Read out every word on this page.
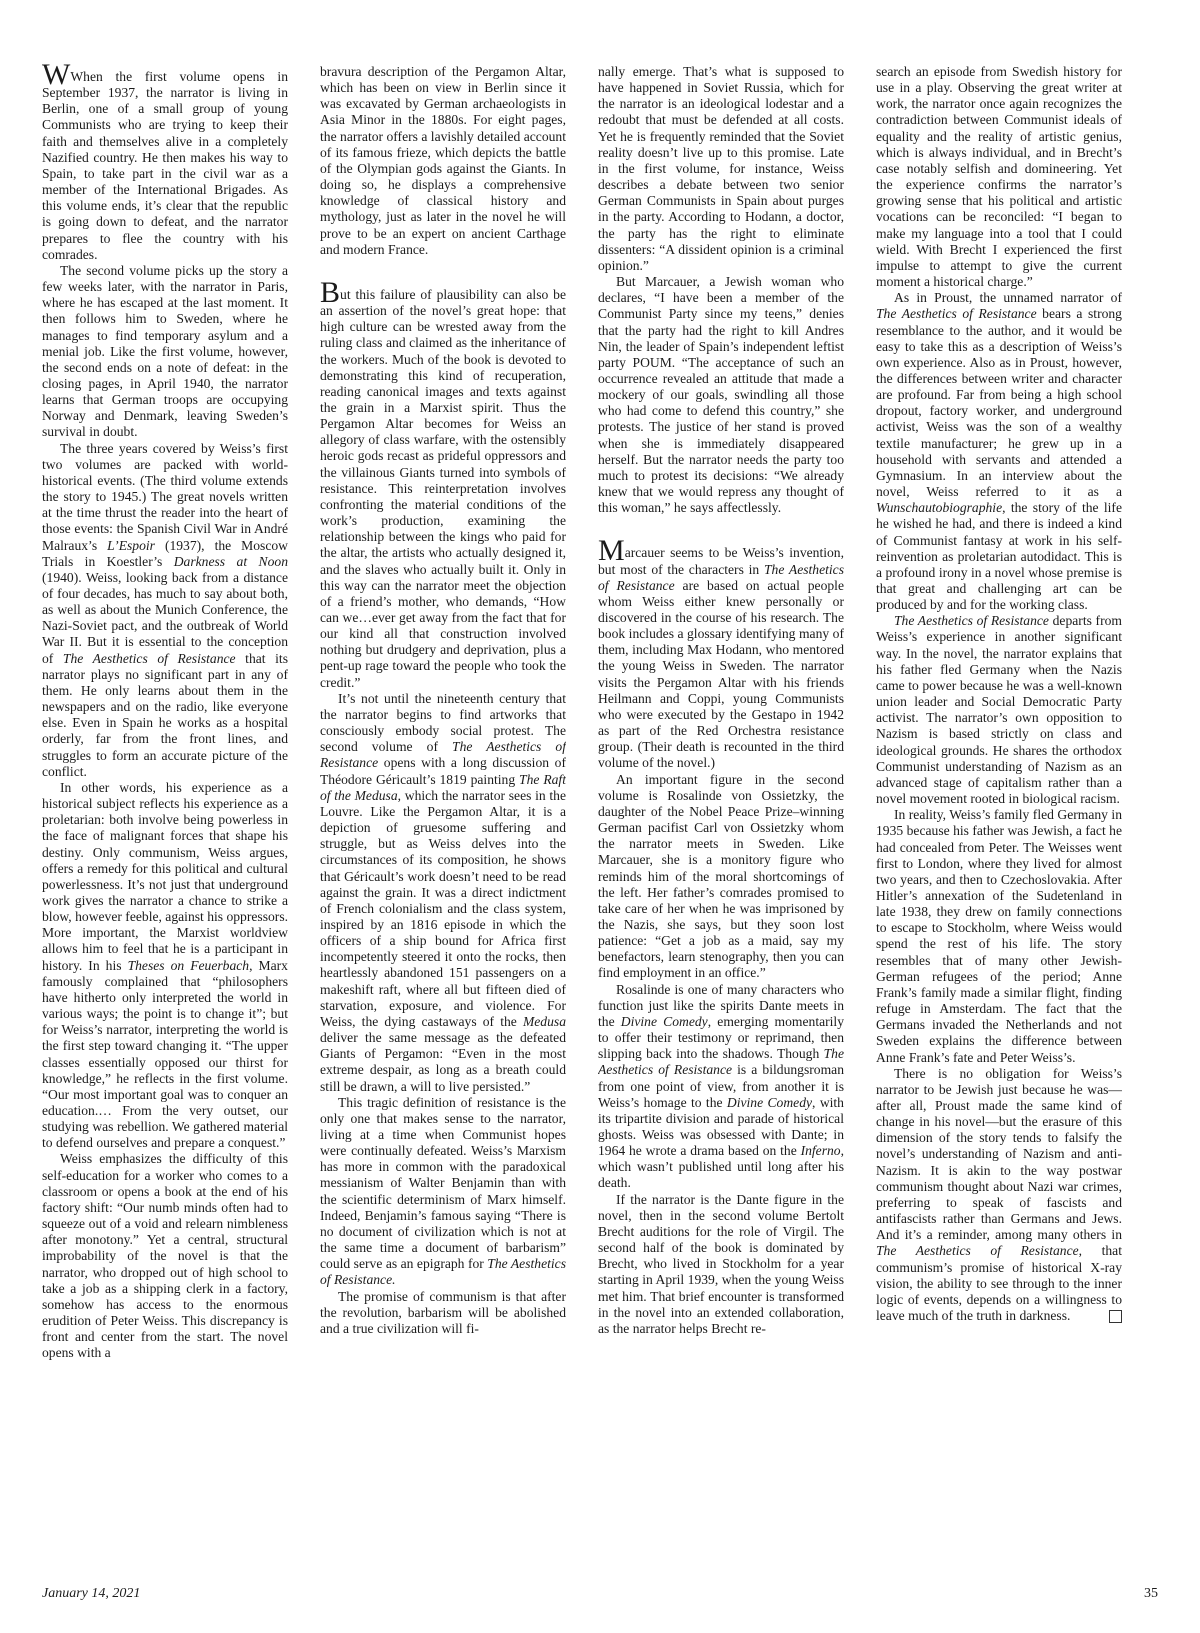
WWhen the first volume opens in September 1937, the narrator is living in Berlin, one of a small group of young Communists who are trying to keep their faith and themselves alive in a completely Nazified country. He then makes his way to Spain, to take part in the civil war as a member of the International Brigades. As this volume ends, it’s clear that the republic is going down to defeat, and the narrator prepares to flee the country with his comrades.

The second volume picks up the story a few weeks later, with the narrator in Paris, where he has escaped at the last moment. It then follows him to Sweden, where he manages to find temporary asylum and a menial job. Like the first volume, however, the second ends on a note of defeat: in the closing pages, in April 1940, the narrator learns that German troops are occupying Norway and Denmark, leaving Sweden’s survival in doubt.

The three years covered by Weiss’s first two volumes are packed with world-historical events. (The third volume extends the story to 1945.) The great novels written at the time thrust the reader into the heart of those events: the Spanish Civil War in André Malraux’s L’Espoir (1937), the Moscow Trials in Koestler’s Darkness at Noon (1940). Weiss, looking back from a distance of four decades, has much to say about both, as well as about the Munich Conference, the Nazi-Soviet pact, and the outbreak of World War II. But it is essential to the conception of The Aesthetics of Resistance that its narrator plays no significant part in any of them. He only learns about them in the newspapers and on the radio, like everyone else. Even in Spain he works as a hospital orderly, far from the front lines, and struggles to form an accurate picture of the conflict.

In other words, his experience as a historical subject reflects his experience as a proletarian: both involve being powerless in the face of malignant forces that shape his destiny. Only communism, Weiss argues, offers a remedy for this political and cultural powerlessness. It’s not just that underground work gives the narrator a chance to strike a blow, however feeble, against his oppressors. More important, the Marxist worldview allows him to feel that he is a participant in history. In his Theses on Feuerbach, Marx famously complained that “philosophers have hitherto only interpreted the world in various ways; the point is to change it”; but for Weiss’s narrator, interpreting the world is the first step toward changing it. “The upper classes essentially opposed our thirst for knowledge,” he reflects in the first volume. “Our most important goal was to conquer an education.… From the very outset, our studying was rebellion. We gathered material to defend ourselves and prepare a conquest.”

Weiss emphasizes the difficulty of this self-education for a worker who comes to a classroom or opens a book at the end of his factory shift: “Our numb minds often had to squeeze out of a void and relearn nimbleness after monotony.” Yet a central, structural improbability of the novel is that the narrator, who dropped out of high school to take a job as a shipping clerk in a factory, somehow has access to the enormous erudition of Peter Weiss. This discrepancy is front and center from the start. The novel opens with a

bravura description of the Pergamon Altar, which has been on view in Berlin since it was excavated by German archaeologists in Asia Minor in the 1880s. For eight pages, the narrator offers a lavishly detailed account of its famous frieze, which depicts the battle of the Olympian gods against the Giants. In doing so, he displays a comprehensive knowledge of classical history and mythology, just as later in the novel he will prove to be an expert on ancient Carthage and modern France.

But this failure of plausibility can also be an assertion of the novel’s great hope: that high culture can be wrested away from the ruling class and claimed as the inheritance of the workers. Much of the book is devoted to demonstrating this kind of recuperation, reading canonical images and texts against the grain in a Marxist spirit. Thus the Pergamon Altar becomes for Weiss an allegory of class warfare, with the ostensibly heroic gods recast as prideful oppressors and the villainous Giants turned into symbols of resistance. This reinterpretation involves confronting the material conditions of the work’s production, examining the relationship between the kings who paid for the altar, the artists who actually designed it, and the slaves who actually built it. Only in this way can the narrator meet the objection of a friend’s mother, who demands, “How can we…ever get away from the fact that for our kind all that construction involved nothing but drudgery and deprivation, plus a pent-up rage toward the people who took the credit.”

It’s not until the nineteenth century that the narrator begins to find artworks that consciously embody social protest. The second volume of The Aesthetics of Resistance opens with a long discussion of Théodore Géricault’s 1819 painting The Raft of the Medusa, which the narrator sees in the Louvre. Like the Pergamon Altar, it is a depiction of gruesome suffering and struggle, but as Weiss delves into the circumstances of its composition, he shows that Géricault’s work doesn’t need to be read against the grain. It was a direct indictment of French colonialism and the class system, inspired by an 1816 episode in which the officers of a ship bound for Africa first incompetently steered it onto the rocks, then heartlessly abandoned 151 passengers on a makeshift raft, where all but fifteen died of starvation, exposure, and violence. For Weiss, the dying castaways of the Medusa deliver the same message as the defeated Giants of Pergamon: “Even in the most extreme despair, as long as a breath could still be drawn, a will to live persisted.”

This tragic definition of resistance is the only one that makes sense to the narrator, living at a time when Communist hopes were continually defeated. Weiss’s Marxism has more in common with the paradoxical messianism of Walter Benjamin than with the scientific determinism of Marx himself. Indeed, Benjamin’s famous saying “There is no document of civilization which is not at the same time a document of barbarism” could serve as an epigraph for The Aesthetics of Resistance.

The promise of communism is that after the revolution, barbarism will be abolished and a true civilization will fi-

nally emerge. That’s what is supposed to have happened in Soviet Russia, which for the narrator is an ideological lodestar and a redoubt that must be defended at all costs. Yet he is frequently reminded that the Soviet reality doesn’t live up to this promise. Late in the first volume, for instance, Weiss describes a debate between two senior German Communists in Spain about purges in the party. According to Hodann, a doctor, the party has the right to eliminate dissenters: “A dissident opinion is a criminal opinion.”

But Marcauer, a Jewish woman who declares, “I have been a member of the Communist Party since my teens,” denies that the party had the right to kill Andres Nin, the leader of Spain’s independent leftist party POUM. “The acceptance of such an occurrence revealed an attitude that made a mockery of our goals, swindling all those who had come to defend this country,” she protests. The justice of her stand is proved when she is immediately disappeared herself. But the narrator needs the party too much to protest its decisions: “We already knew that we would repress any thought of this woman,” he says affectlessly.

Marcauer seems to be Weiss’s invention, but most of the characters in The Aesthetics of Resistance are based on actual people whom Weiss either knew personally or discovered in the course of his research. The book includes a glossary identifying many of them, including Max Hodann, who mentored the young Weiss in Sweden. The narrator visits the Pergamon Altar with his friends Heilmann and Coppi, young Communists who were executed by the Gestapo in 1942 as part of the Red Orchestra resistance group. (Their death is recounted in the third volume of the novel.)

An important figure in the second volume is Rosalinde von Ossietzky, the daughter of the Nobel Peace Prize–winning German pacifist Carl von Ossietzky whom the narrator meets in Sweden. Like Marcauer, she is a monitory figure who reminds him of the moral shortcomings of the left. Her father’s comrades promised to take care of her when he was imprisoned by the Nazis, she says, but they soon lost patience: “Get a job as a maid, say my benefactors, learn stenography, then you can find employment in an office.”

Rosalinde is one of many characters who function just like the spirits Dante meets in the Divine Comedy, emerging momentarily to offer their testimony or reprimand, then slipping back into the shadows. Though The Aesthetics of Resistance is a bildungsroman from one point of view, from another it is Weiss’s homage to the Divine Comedy, with its tripartite division and parade of historical ghosts. Weiss was obsessed with Dante; in 1964 he wrote a drama based on the Inferno, which wasn’t published until long after his death.

If the narrator is the Dante figure in the novel, then in the second volume Bertolt Brecht auditions for the role of Virgil. The second half of the book is dominated by Brecht, who lived in Stockholm for a year starting in April 1939, when the young Weiss met him. That brief encounter is transformed in the novel into an extended collaboration, as the narrator helps Brecht re-

search an episode from Swedish history for use in a play. Observing the great writer at work, the narrator once again recognizes the contradiction between Communist ideals of equality and the reality of artistic genius, which is always individual, and in Brecht’s case notably selfish and domineering. Yet the experience confirms the narrator’s growing sense that his political and artistic vocations can be reconciled: “I began to make my language into a tool that I could wield. With Brecht I experienced the first impulse to attempt to give the current moment a historical charge.”

As in Proust, the unnamed narrator of The Aesthetics of Resistance bears a strong resemblance to the author, and it would be easy to take this as a description of Weiss’s own experience. Also as in Proust, however, the differences between writer and character are profound. Far from being a high school dropout, factory worker, and underground activist, Weiss was the son of a wealthy textile manufacturer; he grew up in a household with servants and attended a Gymnasium. In an interview about the novel, Weiss referred to it as a Wunschautobiographie, the story of the life he wished he had, and there is indeed a kind of Communist fantasy at work in his self-reinvention as proletarian autodidact. This is a profound irony in a novel whose premise is that great and challenging art can be produced by and for the working class.

The Aesthetics of Resistance departs from Weiss’s experience in another significant way. In the novel, the narrator explains that his father fled Germany when the Nazis came to power because he was a well-known union leader and Social Democratic Party activist. The narrator’s own opposition to Nazism is based strictly on class and ideological grounds. He shares the orthodox Communist understanding of Nazism as an advanced stage of capitalism rather than a novel movement rooted in biological racism.

In reality, Weiss’s family fled Germany in 1935 because his father was Jewish, a fact he had concealed from Peter. The Weisses went first to London, where they lived for almost two years, and then to Czechoslovakia. After Hitler’s annexation of the Sudetenland in late 1938, they drew on family connections to escape to Stockholm, where Weiss would spend the rest of his life. The story resembles that of many other Jewish-German refugees of the period; Anne Frank’s family made a similar flight, finding refuge in Amsterdam. The fact that the Germans invaded the Netherlands and not Sweden explains the difference between Anne Frank’s fate and Peter Weiss’s.

There is no obligation for Weiss’s narrator to be Jewish just because he was—after all, Proust made the same kind of change in his novel—but the erasure of this dimension of the story tends to falsify the novel’s understanding of Nazism and anti-Nazism. It is akin to the way postwar communism thought about Nazi war crimes, preferring to speak of fascists and antifascists rather than Germans and Jews. And it’s a reminder, among many others in The Aesthetics of Resistance, that communism’s promise of historical X-ray vision, the ability to see through to the inner logic of events, depends on a willingness to leave much of the truth in darkness.

January 14, 2021	35
